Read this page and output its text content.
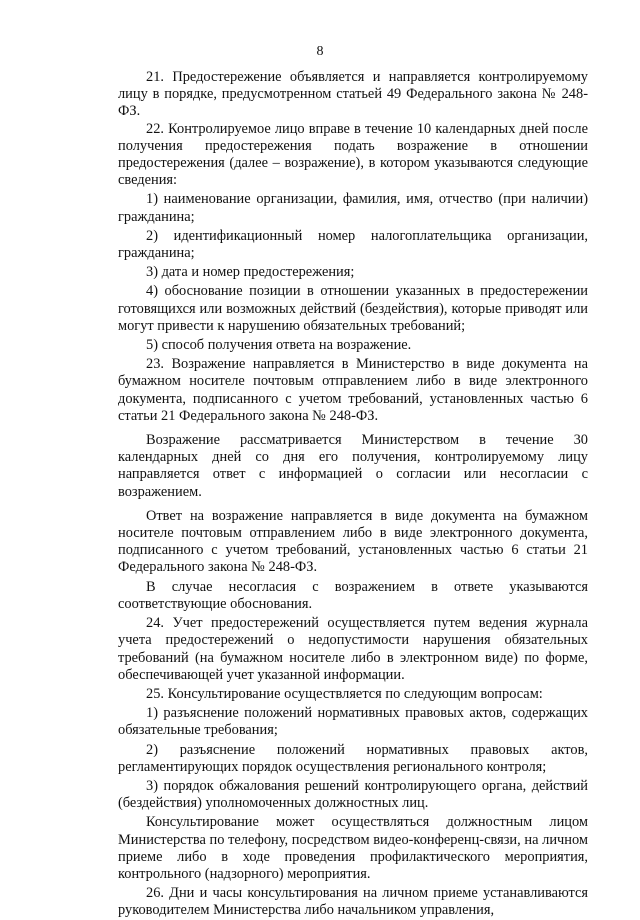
8

21. Предостережение объявляется и направляется контролируемому лицу в порядке, предусмотренном статьей 49 Федерального закона № 248-ФЗ.

22. Контролируемое лицо вправе в течение 10 календарных дней после получения предостережения подать возражение в отношении предостережения (далее – возражение), в котором указываются следующие сведения:

1) наименование организации, фамилия, имя, отчество (при наличии) гражданина;

2) идентификационный номер налогоплательщика организации, гражданина;

3) дата и номер предостережения;

4) обоснование позиции в отношении указанных в предостережении готовящихся или возможных действий (бездействия), которые приводят или могут привести к нарушению обязательных требований;

5) способ получения ответа на возражение.

23. Возражение направляется в Министерство в виде документа на бумажном носителе почтовым отправлением либо в виде электронного документа, подписанного с учетом требований, установленных частью 6 статьи 21 Федерального закона № 248-ФЗ.

Возражение рассматривается Министерством в течение 30 календарных дней со дня его получения, контролируемому лицу направляется ответ с информацией о согласии или несогласии с возражением.

Ответ на возражение направляется в виде документа на бумажном носителе почтовым отправлением либо в виде электронного документа, подписанного с учетом требований, установленных частью 6 статьи 21 Федерального закона № 248-ФЗ.

В случае несогласия с возражением в ответе указываются соответствующие обоснования.

24. Учет предостережений осуществляется путем ведения журнала учета предостережений о недопустимости нарушения обязательных требований (на бумажном носителе либо в электронном виде) по форме, обеспечивающей учет указанной информации.

25. Консультирование осуществляется по следующим вопросам:

1) разъяснение положений нормативных правовых актов, содержащих обязательные требования;

2) разъяснение положений нормативных правовых актов, регламентирующих порядок осуществления регионального контроля;

3) порядок обжалования решений контролирующего органа, действий (бездействия) уполномоченных должностных лиц.

Консультирование может осуществляться должностным лицом Министерства по телефону, посредством видео-конференц-связи, на личном приеме либо в ходе проведения профилактического мероприятия, контрольного (надзорного) мероприятия.

26. Дни и часы консультирования на личном приеме устанавливаются руководителем Министерства либо начальником управления,
